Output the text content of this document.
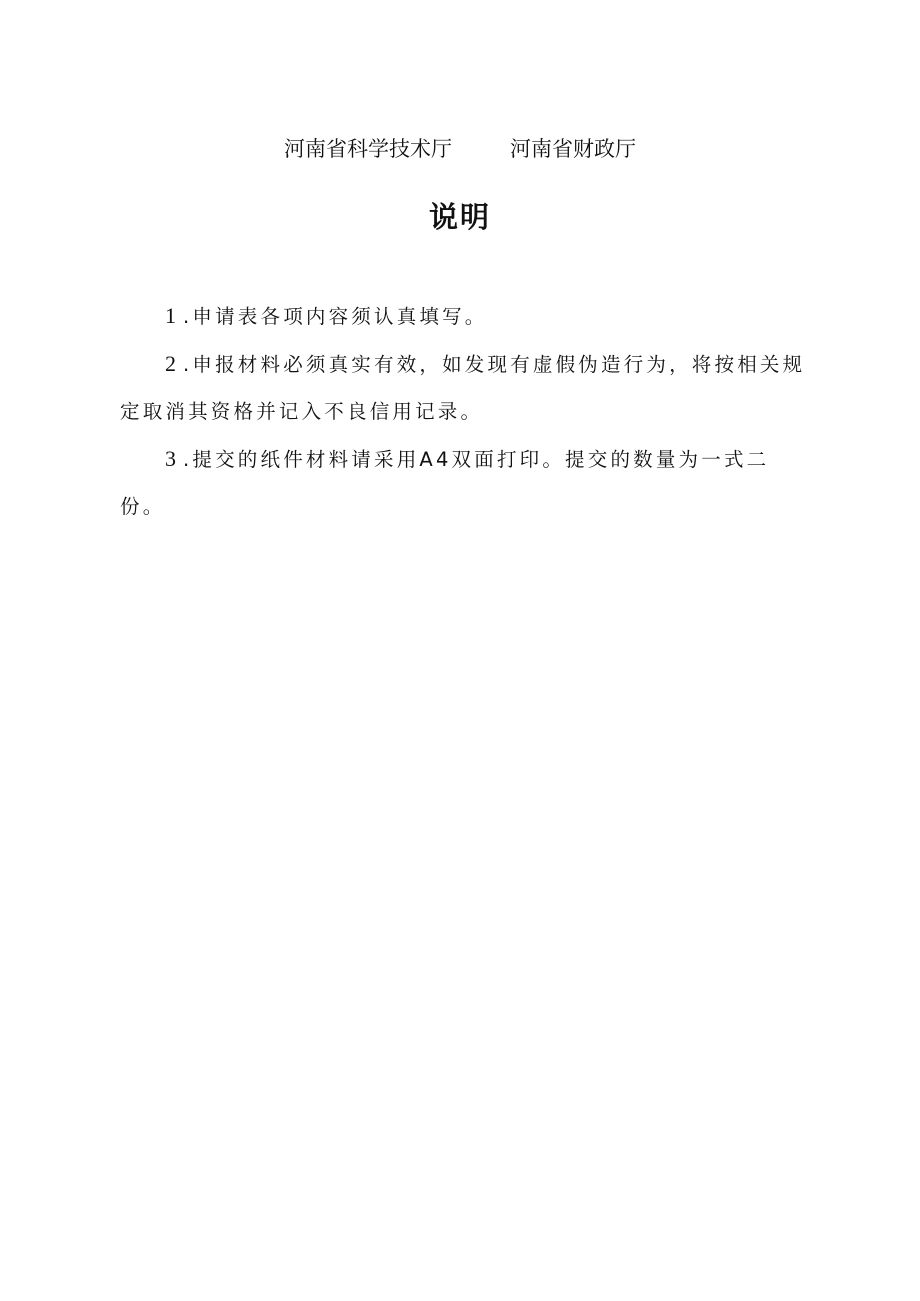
河南省科学技术厅	河南省财政厅
说明

1 .申请表各项内容须认真填写。

2 .申报材料必须真实有效，如发现有虚假伪造行为，将按相关规定取消其资格并记入不良信用记录。

3 .提交的纸件材料请采用A4双面打印。提交的数量为一式二份。
